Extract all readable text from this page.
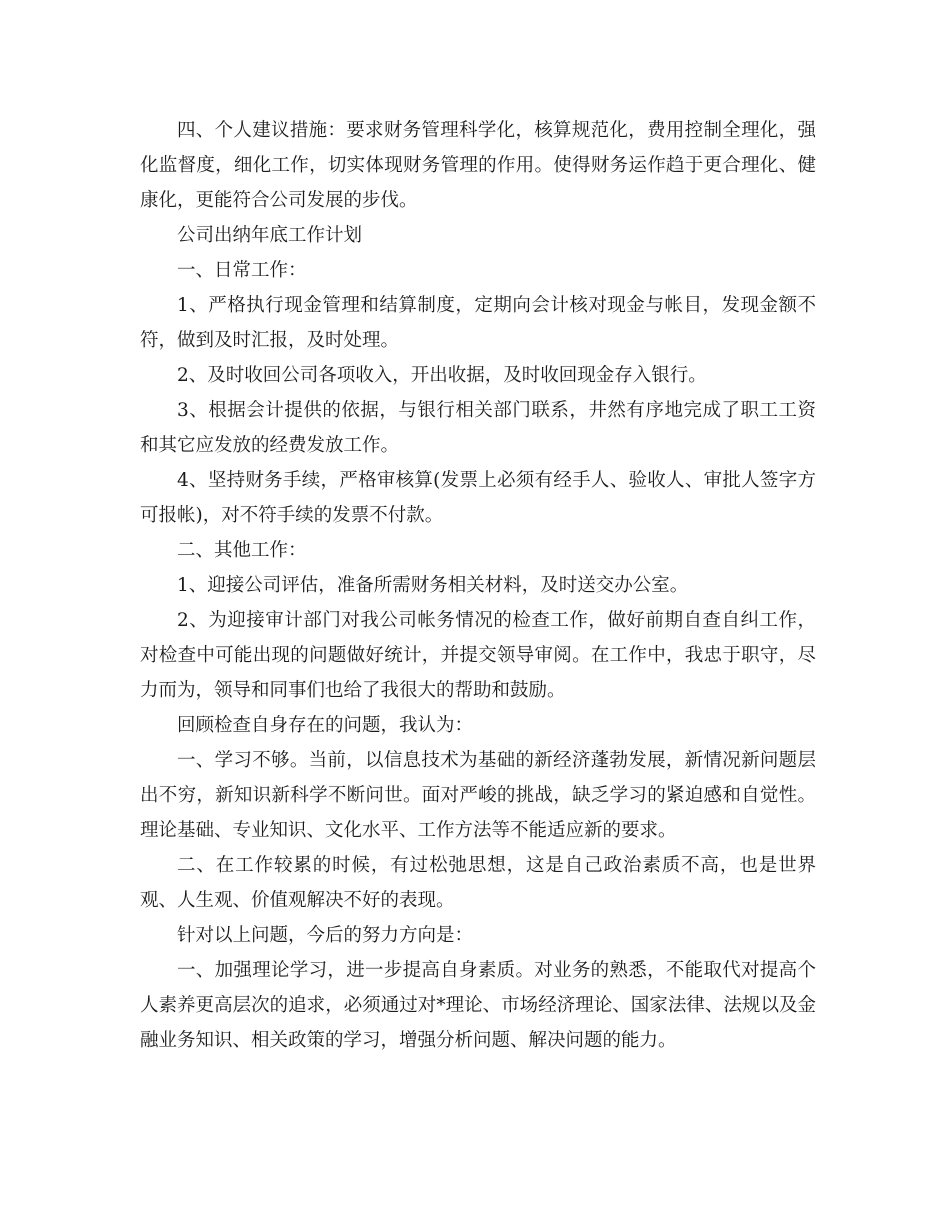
四、个人建议措施：要求财务管理科学化，核算规范化，费用控制全理化，强化监督度，细化工作，切实体现财务管理的作用。使得财务运作趋于更合理化、健康化，更能符合公司发展的步伐。

公司出纳年底工作计划

一、日常工作：

1、严格执行现金管理和结算制度，定期向会计核对现金与帐目，发现金额不符，做到及时汇报，及时处理。

2、及时收回公司各项收入，开出收据，及时收回现金存入银行。

3、根据会计提供的依据，与银行相关部门联系，井然有序地完成了职工工资和其它应发放的经费发放工作。

4、坚持财务手续，严格审核算(发票上必须有经手人、验收人、审批人签字方可报帐)，对不符手续的发票不付款。

二、其他工作：

1、迎接公司评估，准备所需财务相关材料，及时送交办公室。

2、为迎接审计部门对我公司帐务情况的检查工作，做好前期自查自纠工作，对检查中可能出现的问题做好统计，并提交领导审阅。在工作中，我忠于职守，尽力而为，领导和同事们也给了我很大的帮助和鼓励。

回顾检查自身存在的问题，我认为：

一、学习不够。当前，以信息技术为基础的新经济蓬勃发展，新情况新问题层出不穷，新知识新科学不断问世。面对严峻的挑战，缺乏学习的紧迫感和自觉性。理论基础、专业知识、文化水平、工作方法等不能适应新的要求。

二、在工作较累的时候，有过松弛思想，这是自己政治素质不高，也是世界观、人生观、价值观解决不好的表现。

针对以上问题，今后的努力方向是：

一、加强理论学习，进一步提高自身素质。对业务的熟悉，不能取代对提高个人素养更高层次的追求，必须通过对*理论、市场经济理论、国家法律、法规以及金融业务知识、相关政策的学习，增强分析问题、解决问题的能力。
